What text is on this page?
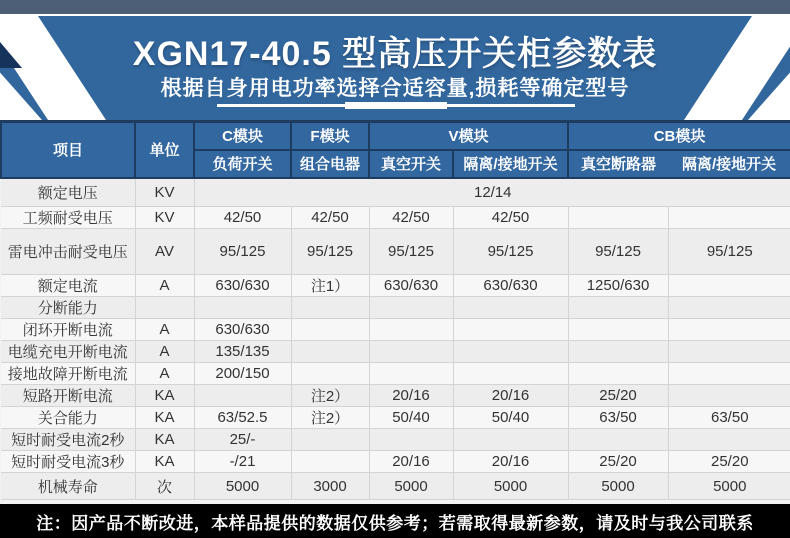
XGN17-40.5 型高压开关柜参数表
根据自身用电功率选择合适容量,损耗等确定型号
项目	单位	C模块	F模块	V模块		CB模块	
		负荷开关	组合电器	真空开关	隔离/接地开关	真空断路器	隔离/接地开关
额定电压	KV	12/14					
工频耐受电压	KV	42/50	42/50	42/50	42/50		
雷电冲击耐受电压	AV	95/125	95/125	95/125	95/125	95/125	95/125
额定电流	A	630/630	注1）	630/630	630/630	1250/630	
分断能力							
闭环开断电流	A	630/630					
电缆充电开断电流	A	135/135					
接地故障开断电流	A	200/150					
短路开断电流	KA		注2）	20/16	20/16	25/20	
关合能力	KA	63/52.5	注2）	50/40	50/40	63/50	63/50
短时耐受电流2秒	KA	25/-					
短时耐受电流3秒	KA	-/21		20/16	20/16	25/20	25/20
机械寿命	次	5000	3000	5000	5000	5000	5000
注：因产品不断改进，本样品提供的数据仅供参考；若需取得最新参数，请及时与我公司联系
